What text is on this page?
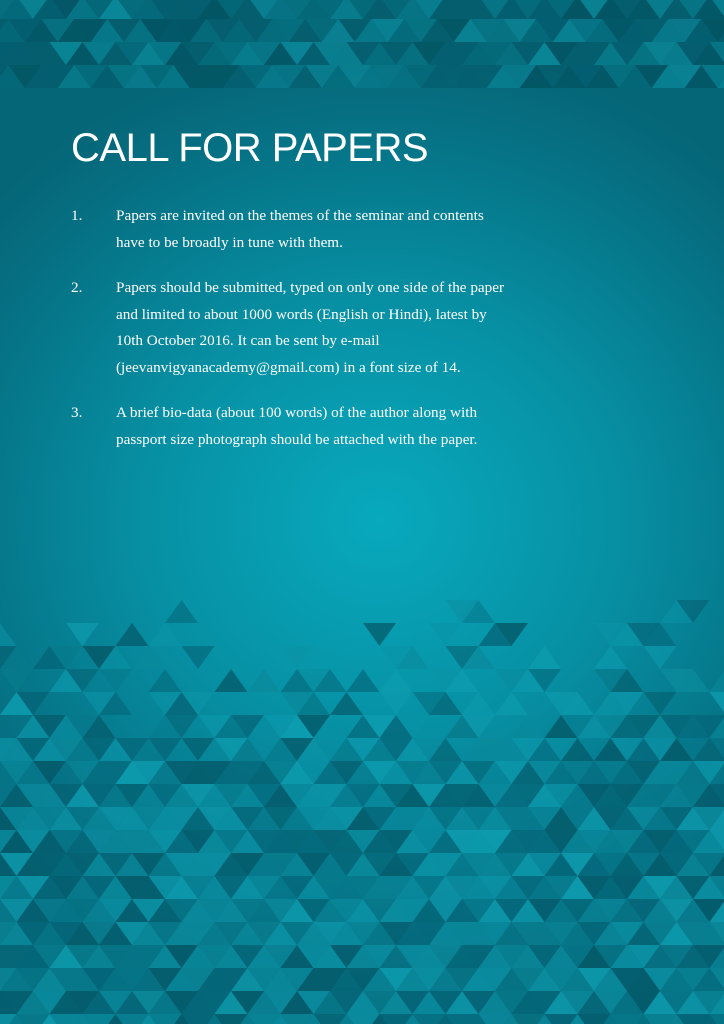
CALL FOR PAPERS
1. Papers are invited on the themes of the seminar and contents
have to be broadly in tune with them.
2. Papers should be submitted, typed on only one side of the paper
and limited to about 1000 words (English or Hindi), latest by
10th October 2016. It can be sent by e-mail
(jeevanvigyanacademy@gmail.com) in a font size of 14.
3. A brief bio-data (about 100 words) of the author along with
passport size photograph should be attached with the paper.
